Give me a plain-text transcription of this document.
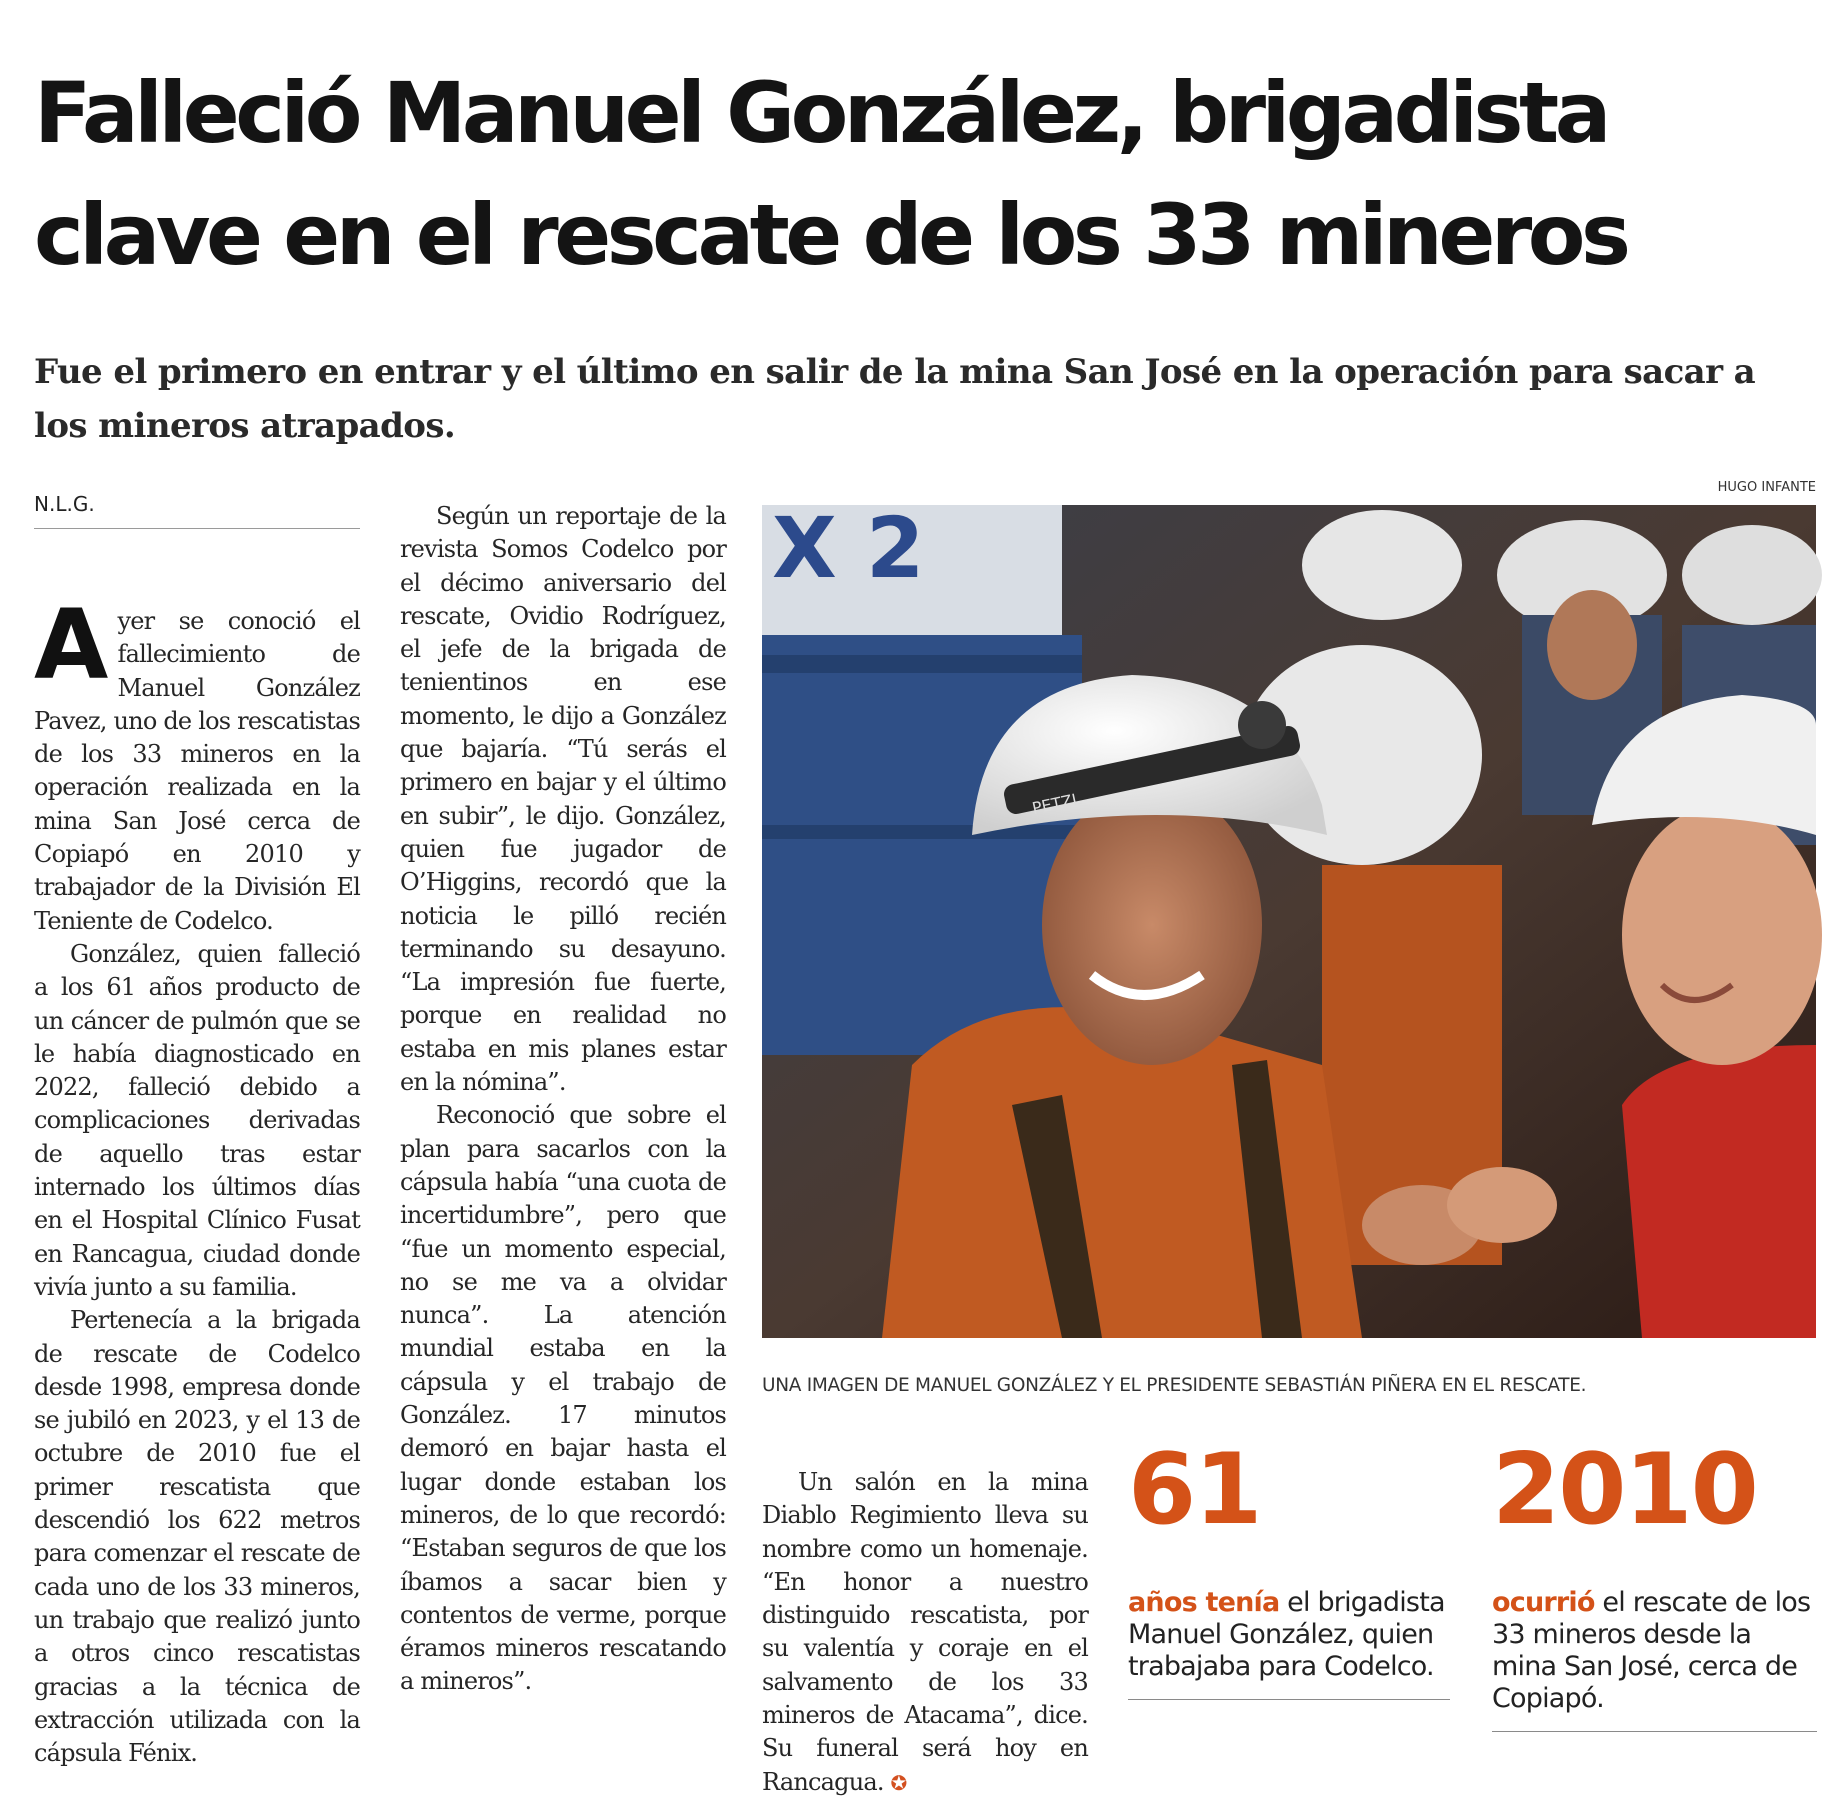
Falleció Manuel González, brigadista
clave en el rescate de los 33 mineros
Fue el primero en entrar y el último en salir de la mina San José en la operación para sacar a los mineros atrapados.
N.L.G.

Ayer se conoció el fallecimiento de Manuel González Pavez, uno de los rescatistas de los 33 mineros en la operación realizada en la mina San José cerca de Copiapó en 2010 y trabajador de la División El Teniente de Codelco.

González, quien falleció a los 61 años producto de un cáncer de pulmón que se le había diagnosticado en 2022, falleció debido a complicaciones derivadas de aquello tras estar internado los últimos días en el Hospital Clínico Fusat en Rancagua, ciudad donde vivía junto a su familia.

Pertenecía a la brigada de rescate de Codelco desde 1998, empresa donde se jubiló en 2023, y el 13 de octubre de 2010 fue el primer rescatista que descendió los 622 metros para comenzar el rescate de cada uno de los 33 mineros, un trabajo que realizó junto a otros cinco rescatistas gracias a la técnica de extracción utilizada con la cápsula Fénix.

Según un reportaje de la revista Somos Codelco por el décimo aniversario del rescate, Ovidio Rodríguez, el jefe de la brigada de tenientinos en ese momento, le dijo a González que bajaría. “Tú serás el primero en bajar y el último en subir”, le dijo. González, quien fue jugador de O’Higgins, recordó que la noticia le pilló recién terminando su desayuno. “La impresión fue fuerte, porque en realidad no estaba en mis planes estar en la nómina”.

Reconoció que sobre el plan para sacarlos con la cápsula había “una cuota de incertidumbre”, pero que “fue un momento especial, no se me va a olvidar nunca”. La atención mundial estaba en la cápsula y el trabajo de González. 17 minutos demoró en bajar hasta el lugar donde estaban los mineros, de lo que recordó: “Estaban seguros de que los íbamos a sacar bien y contentos de verme, porque éramos mineros rescatando a mineros”.

Un salón en la mina Diablo Regimiento lleva su nombre como un homenaje. “En honor a nuestro distinguido rescatista, por su valentía y coraje en el salvamento de los 33 mineros de Atacama”, dice. Su funeral será hoy en Rancagua. ✪

HUGO INFANTE
X 2
PETZL
UNA IMAGEN DE MANUEL GONZÁLEZ Y EL PRESIDENTE SEBASTIÁN PIÑERA EN EL RESCATE.
61
años tenía el brigadista Manuel González, quien trabajaba para Codelco.
2010
ocurrió el rescate de los 33 mineros desde la mina San José, cerca de Copiapó.
